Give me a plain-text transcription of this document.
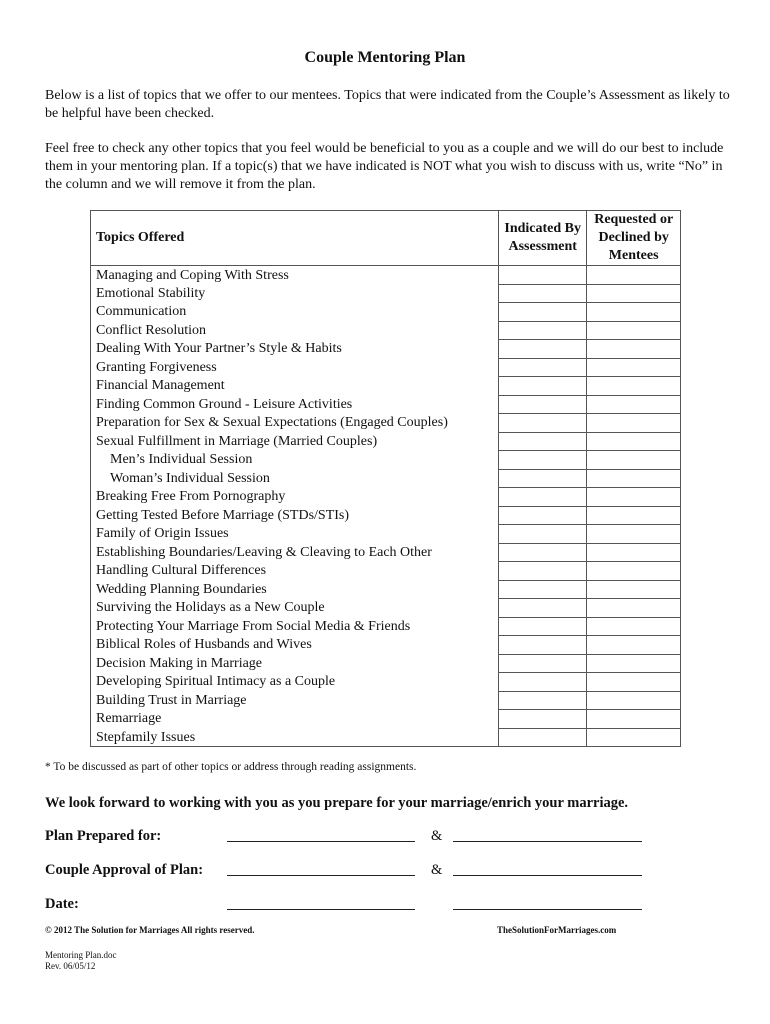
Couple Mentoring Plan
Below is a list of topics that we offer to our mentees. Topics that were indicated from the Couple’s Assessment as likely to be helpful have been checked.
Feel free to check any other topics that you feel would be beneficial to you as a couple and we will do our best to include them in your mentoring plan. If a topic(s) that we have indicated is NOT what you wish to discuss with us, write “No” in the column and we will remove it from the plan.
Topics Offered	Indicated By Assessment	Requested or Declined by Mentees
Managing and Coping With Stress		
Emotional Stability		
Communication		
Conflict Resolution		
Dealing With Your Partner’s Style & Habits		
Granting Forgiveness		
Financial Management		
Finding Common Ground - Leisure Activities		
Preparation for Sex & Sexual Expectations (Engaged Couples)		
Sexual Fulfillment in Marriage (Married Couples)		
Men’s Individual Session		
Woman’s Individual Session		
Breaking Free From Pornography		
Getting Tested Before Marriage (STDs/STIs)		
Family of Origin Issues		
Establishing Boundaries/Leaving & Cleaving to Each Other		
Handling Cultural Differences		
Wedding Planning Boundaries		
Surviving the Holidays as a New Couple		
Protecting Your Marriage From Social Media & Friends		
Biblical Roles of Husbands and Wives		
Decision Making in Marriage		
Developing Spiritual Intimacy as a Couple		
Building Trust in Marriage		
Remarriage		
Stepfamily Issues		
* To be discussed as part of other topics or address through reading assignments.
We look forward to working with you as you prepare for your marriage/enrich your marriage.
Plan Prepared for:	&
Couple Approval of Plan:	&
Date:
© 2012 The Solution for Marriages All rights reserved.	TheSolutionForMarriages.com
Mentoring Plan.doc
Rev. 06/05/12
